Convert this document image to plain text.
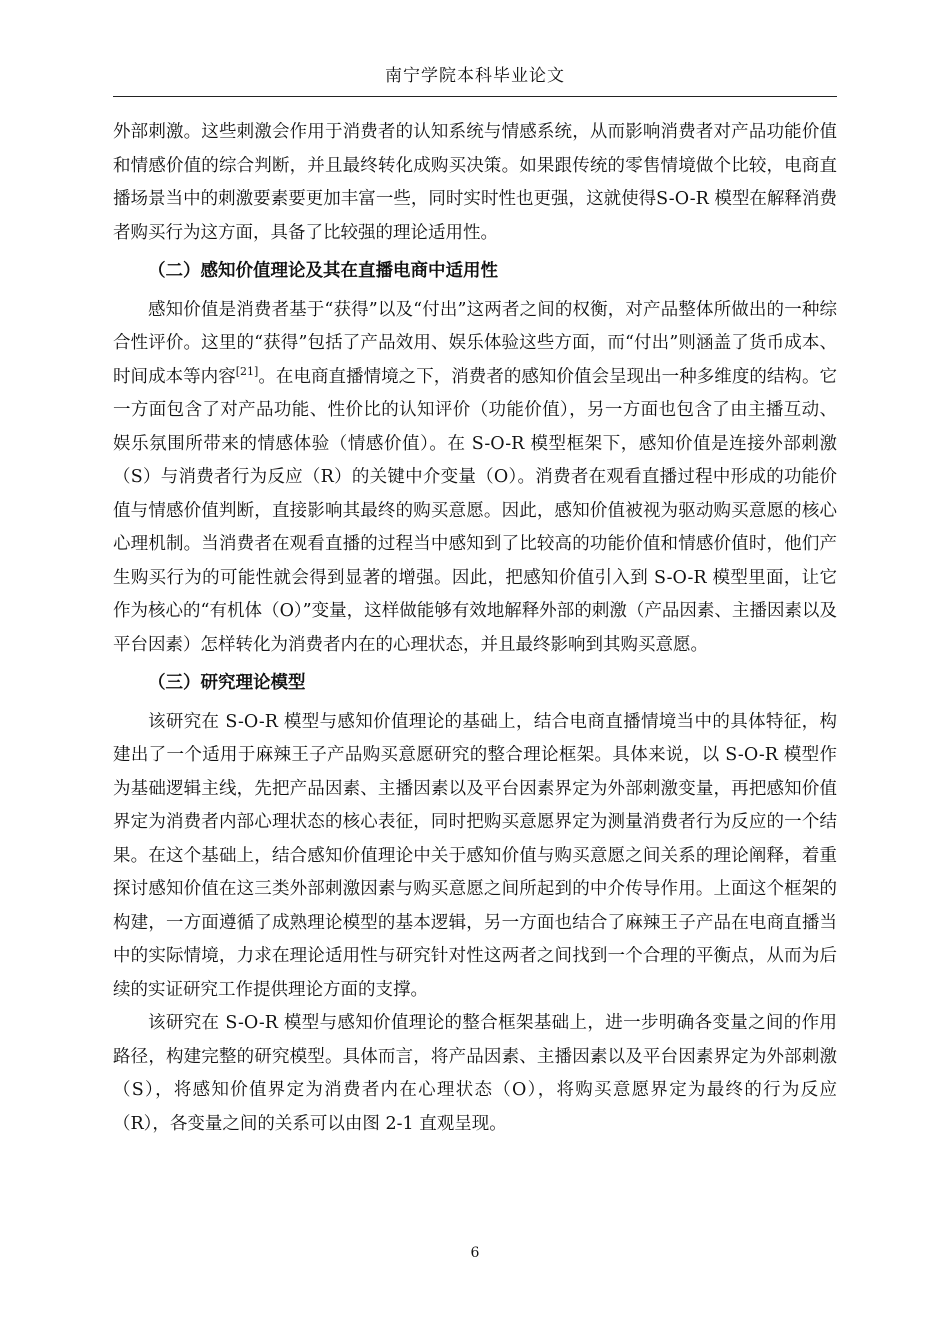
南宁学院本科毕业论文

外部刺激。这些刺激会作用于消费者的认知系统与情感系统，从而影响消费者对产品功能价值和情感价值的综合判断，并且最终转化成购买决策。如果跟传统的零售情境做个比较，电商直播场景当中的刺激要素要更加丰富一些，同时实时性也更强，这就使得S-O-R 模型在解释消费者购买行为这方面，具备了比较强的理论适用性。

（二）感知价值理论及其在直播电商中适用性

感知价值是消费者基于“获得”以及“付出”这两者之间的权衡，对产品整体所做出的一种综合性评价。这里的“获得”包括了产品效用、娱乐体验这些方面，而“付出”则涵盖了货币成本、时间成本等内容[21]。在电商直播情境之下，消费者的感知价值会呈现出一种多维度的结构。它一方面包含了对产品功能、性价比的认知评价（功能价值），另一方面也包含了由主播互动、娱乐氛围所带来的情感体验（情感价值）。在 S-O-R 模型框架下，感知价值是连接外部刺激（S）与消费者行为反应（R）的关键中介变量（O）。消费者在观看直播过程中形成的功能价值与情感价值判断，直接影响其最终的购买意愿。因此，感知价值被视为驱动购买意愿的核心心理机制。当消费者在观看直播的过程当中感知到了比较高的功能价值和情感价值时，他们产生购买行为的可能性就会得到显著的增强。因此，把感知价值引入到 S-O-R 模型里面，让它作为核心的“有机体（O）”变量，这样做能够有效地解释外部的刺激（产品因素、主播因素以及平台因素）怎样转化为消费者内在的心理状态，并且最终影响到其购买意愿。

（三）研究理论模型

该研究在 S-O-R 模型与感知价值理论的基础上，结合电商直播情境当中的具体特征，构建出了一个适用于麻辣王子产品购买意愿研究的整合理论框架。具体来说，以 S-O-R 模型作为基础逻辑主线，先把产品因素、主播因素以及平台因素界定为外部刺激变量，再把感知价值界定为消费者内部心理状态的核心表征，同时把购买意愿界定为测量消费者行为反应的一个结果。在这个基础上，结合感知价值理论中关于感知价值与购买意愿之间关系的理论阐释，着重探讨感知价值在这三类外部刺激因素与购买意愿之间所起到的中介传导作用。上面这个框架的构建，一方面遵循了成熟理论模型的基本逻辑，另一方面也结合了麻辣王子产品在电商直播当中的实际情境，力求在理论适用性与研究针对性这两者之间找到一个合理的平衡点，从而为后续的实证研究工作提供理论方面的支撑。

该研究在 S-O-R 模型与感知价值理论的整合框架基础上，进一步明确各变量之间的作用路径，构建完整的研究模型。具体而言，将产品因素、主播因素以及平台因素界定为外部刺激（S），将感知价值界定为消费者内在心理状态（O），将购买意愿界定为最终的行为反应（R），各变量之间的关系可以由图 2-1 直观呈现。

6
